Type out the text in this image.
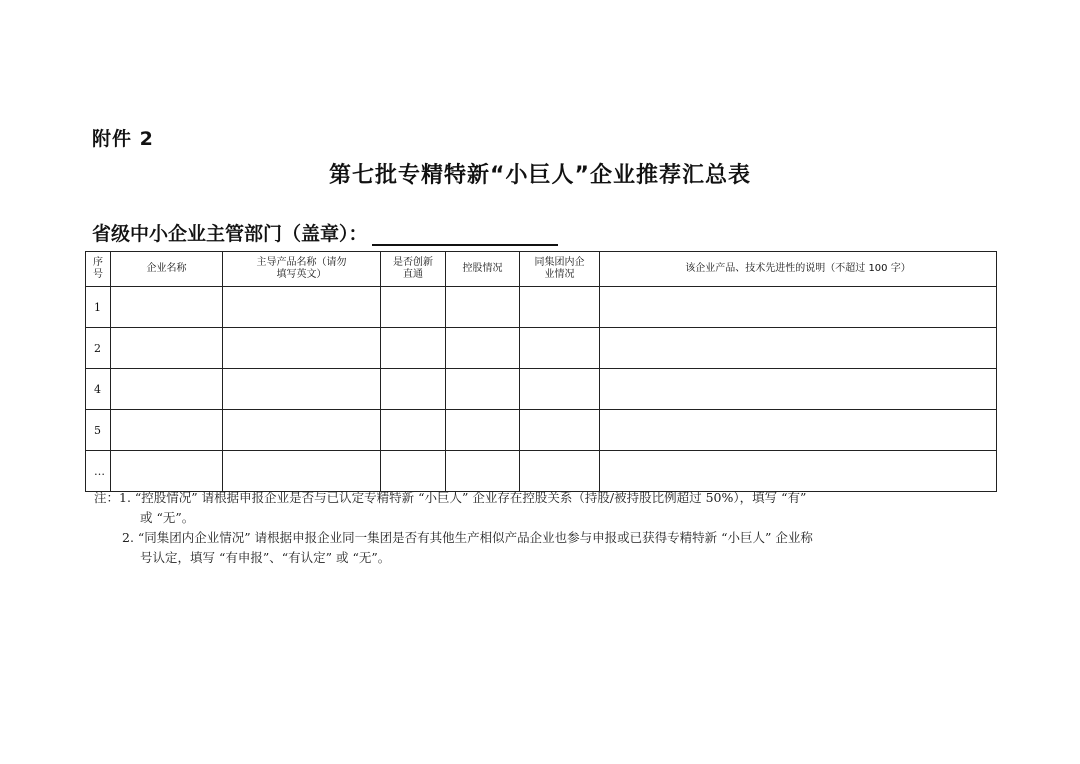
附件 2
第七批专精特新“小巨人”企业推荐汇总表
省级中小企业主管部门（盖章）：
序号	企业名称	主导产品名称（请勿填写英文）	是否创新直通	控股情况	同集团内企业情况	该企业产品、技术先进性的说明（不超过 100 字）
1						
2						
4						
5						
…						
注：1. “控股情况” 请根据申报企业是否与已认定专精特新 “小巨人” 企业存在控股关系（持股/被持股比例超过 50%），填写 “有”
或 “无”。
2. “同集团内企业情况” 请根据申报企业同一集团是否有其他生产相似产品企业也参与申报或已获得专精特新 “小巨人” 企业称
号认定，填写 “有申报”、“有认定” 或 “无”。
